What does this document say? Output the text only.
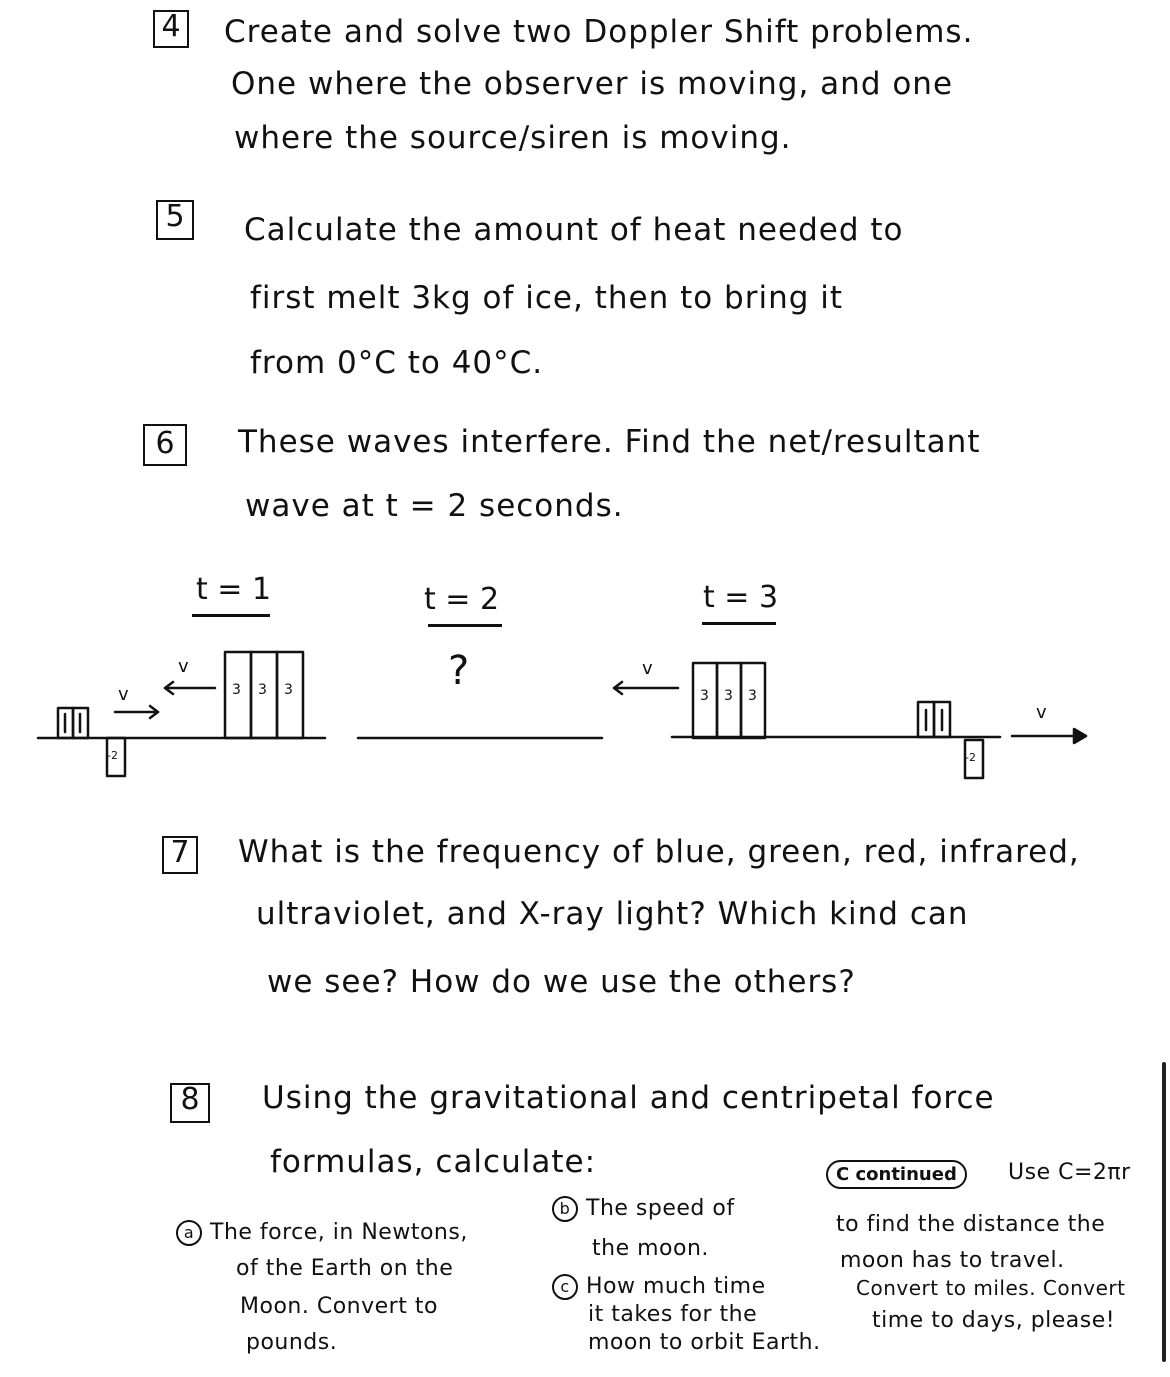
4 Create and solve two Doppler Shift problems.
One where the observer is moving, and one
where the source/siren is moving.
5	Calculate the amount of heat needed to
first melt 3kg of ice, then to bring it
from 0°C to 40°C.
6	These waves interfere. Find the net/resultant
wave at t = 2 seconds.
t = 1	t = 2	t = 3
v
v	v
v
3 3 3	3 3 3
-2	-2
?
7 What is the frequency of blue, green, red, infrared,
ultraviolet, and X-ray light? Which kind can
we see? How do we use the others?
8	Using the gravitational and centripetal force
formulas, calculate:
a The force, in Newtons,
of the Earth on the
Moon. Convert to
pounds.
b The speed of
the moon.
c How much time
it takes for the
moon to orbit Earth.
C continued	Use C=2πr
to find the distance the
moon has to travel.
Convert to miles. Convert
time to days, please!
